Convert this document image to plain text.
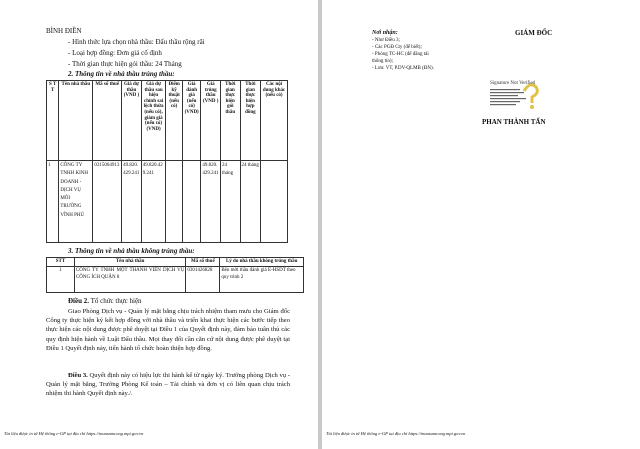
BÌNH ĐIỀN
- Hình thức lựa chọn nhà thầu: Đấu thầu rộng rãi
- Loại hợp đồng: Đơn giá cố định
- Thời gian thực hiện gói thầu: 24 Tháng
2. Thông tin về nhà thầu trúng thầu:
S T T	Tên nhà thầu	Mã số thuế	Giá dự thầu (VND )	Giá dự thầu sau hiệu chỉnh sai lệch thừa (nếu có), giảm giá (nếu có) (VND)	Điểm kỹ thuật (nếu có)	Giá đánh giá (nếu có) (VND)	Giá trúng thầu (VND )	Thời gian thực hiện gói thầu	Thời gian thực hiện hợp đồng	Các nội dung khác (nếu có)
1	CÔNG TY TNHH KINH DOANH - DỊCH VỤ MÔI TRƯỜNG VĨNH PHÚ	0315064913	49.820.429.241	49.820.429.241			49.820.429.241	24 tháng	24 tháng	
3. Thông tin về nhà thầu không trúng thầu:
STT	Tên nhà thầu	Mã số thuế	Lý do nhà thầu không trúng thầu
1	CÔNG TY TNHH MỘT THÀNH VIÊN DỊCH VỤ CÔNG ÍCH QUẬN 8	0301426828	Bên mời thầu đánh giá E-HSDT theo quy trình 2
Điều 2. Tổ chức thực hiện
Giao Phòng Dịch vụ - Quản lý mặt bằng chịu trách nhiệm tham mưu cho Giám đốc Công ty thực hiện ký kết hợp đồng với nhà thầu và triển khai thực hiện các bước tiếp theo thực hiện các nội dung được phê duyệt tại Điều 1 của Quyết định này, đảm bảo tuân thủ các quy định hiện hành về Luật Đấu thầu. Mọi thay đổi cần căn cứ nội dung được phê duyệt tại Điều 1 Quyết định này, tiến hành tổ chức hoàn thiện hợp đồng.
Điều 3. Quyết định này có hiệu lực thi hành kể từ ngày ký. Trưởng phòng Dịch vụ - Quản lý mặt bằng, Trưởng Phòng Kế toán – Tài chính và đơn vị có liên quan chịu trách nhiệm thi hành Quyết định này./.
Tài liệu được in từ Hệ thống e-GP tại địa chỉ https://muasamcong.mpi.gov.vn
Nơi nhận:
- Như Điều 3;
- Các PGĐ Cty (để biết);
- Phòng TC-HC (để đăng tải
thông tin);
- Lưu: VT, P.DV-QLMB (ĐN).
GIÁM ĐỐC
Signature Not Verified
PHAN THÀNH TẤN
Tài liệu được in từ Hệ thống e-GP tại địa chỉ https://muasamcong.mpi.gov.vn
